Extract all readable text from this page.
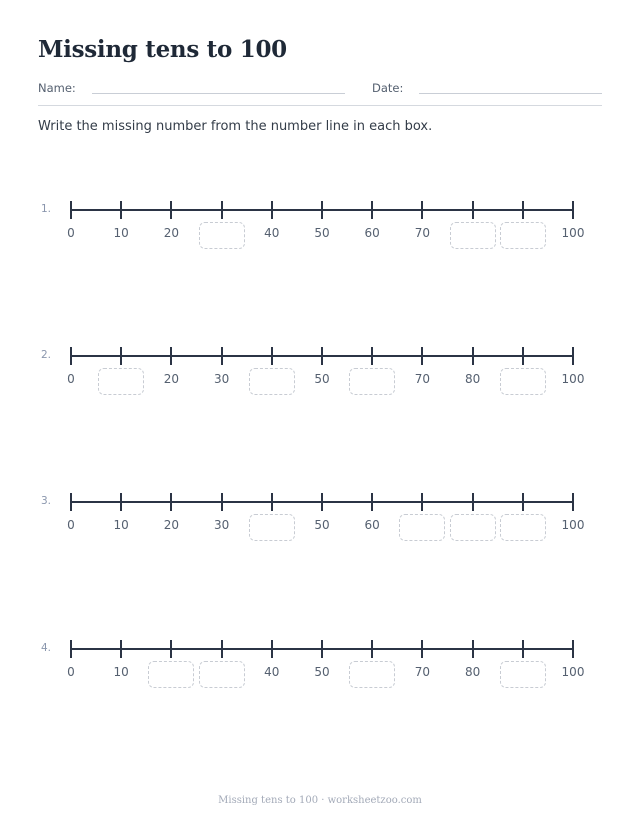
Missing tens to 100
Name:	Date:
Write the missing number from the number line in each box.
1.
0	10	20	40	50	60	70	100
2.
0	20	30	50	70	80	100
3.
0	10	20	30	50	60	100
4.
0	10	40	50	70	80	100
Missing tens to 100 · worksheetzoo.com
